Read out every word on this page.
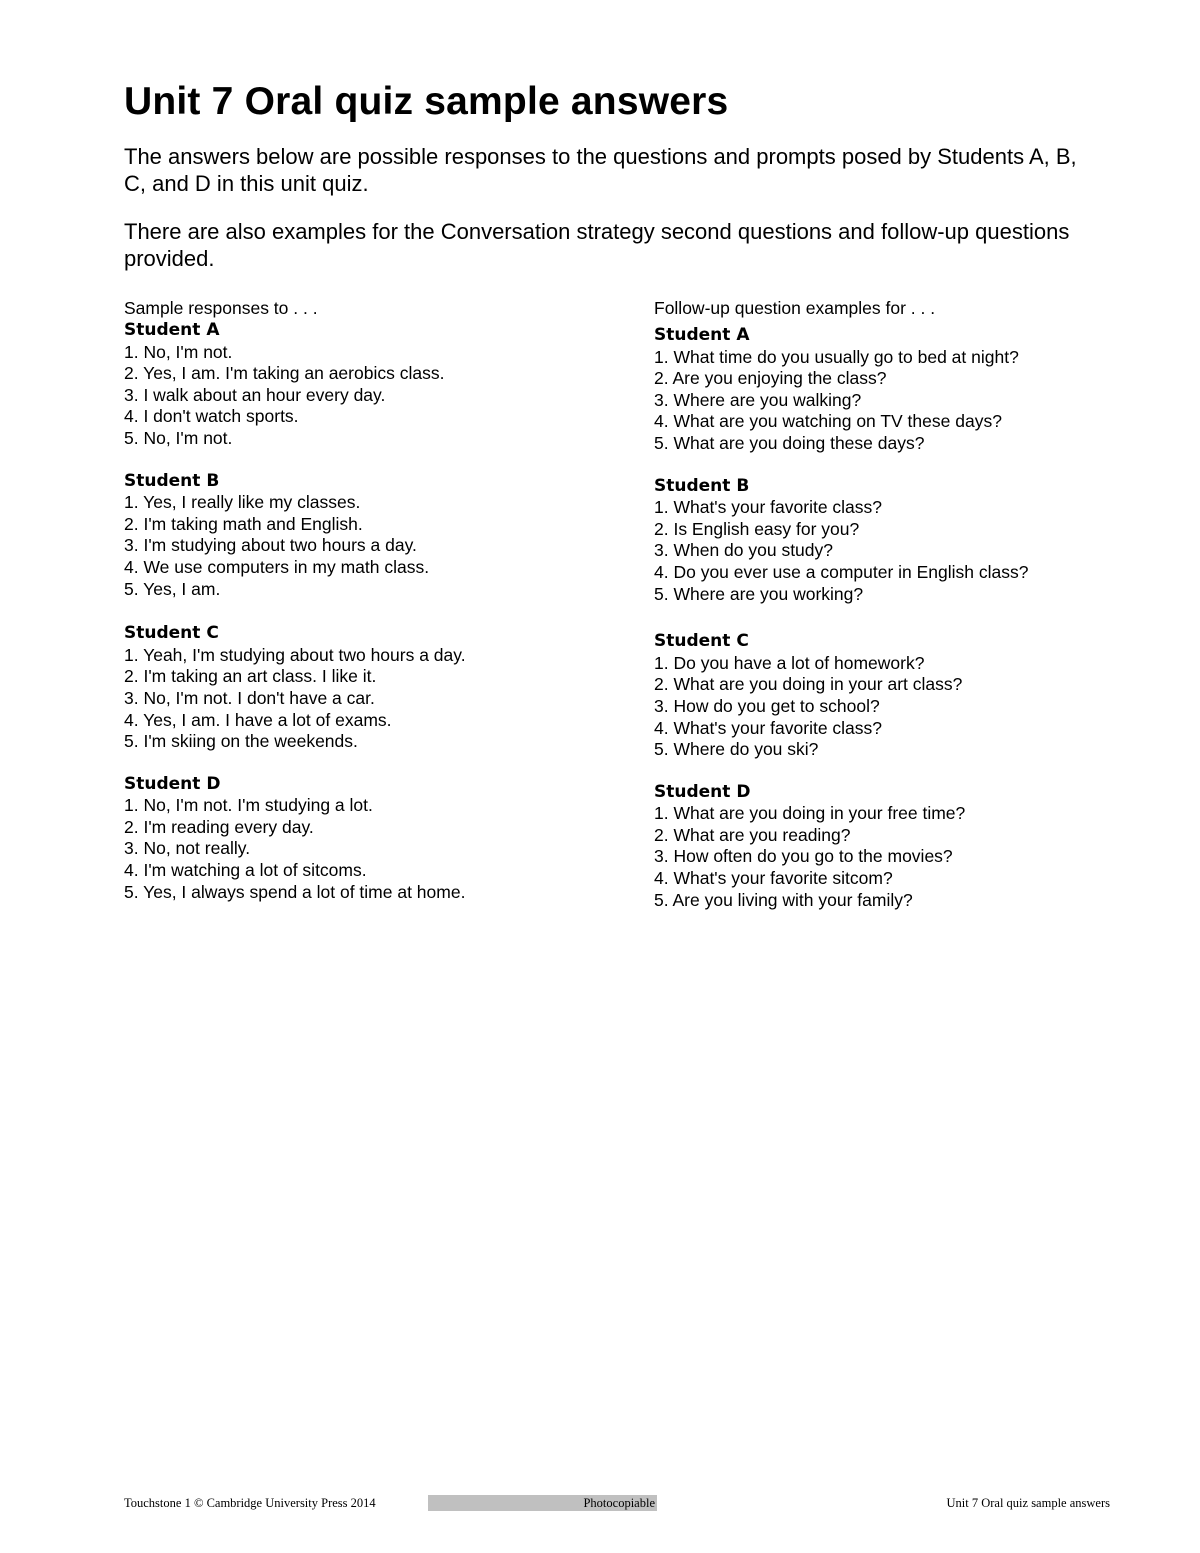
Unit 7 Oral quiz sample answers

The answers below are possible responses to the questions and prompts posed by Students A, B, C, and D in this unit quiz.

There are also examples for the Conversation strategy second questions and follow-up questions provided.

Sample responses to . . .
Student A
1. No, I'm not.
2. Yes, I am. I'm taking an aerobics class.
3. I walk about an hour every day.
4. I don't watch sports.
5. No, I'm not.
Student B
1. Yes, I really like my classes.
2. I'm taking math and English.
3. I'm studying about two hours a day.
4. We use computers in my math class.
5. Yes, I am.
Student C
1. Yeah, I'm studying about two hours a day.
2. I'm taking an art class. I like it.
3. No, I'm not. I don't have a car.
4. Yes, I am. I have a lot of exams.
5. I'm skiing on the weekends.
Student D
1. No, I'm not. I'm studying a lot.
2. I'm reading every day.
3. No, not really.
4. I'm watching a lot of sitcoms.
5. Yes, I always spend a lot of time at home.
Follow-up question examples for . . .
Student A
1. What time do you usually go to bed at night?
2. Are you enjoying the class?
3. Where are you walking?
4. What are you watching on TV these days?
5. What are you doing these days?
Student B
1. What's your favorite class?
2. Is English easy for you?
3. When do you study?
4. Do you ever use a computer in English class?
5. Where are you working?
Student C
1. Do you have a lot of homework?
2. What are you doing in your art class?
3. How do you get to school?
4. What's your favorite class?
5. Where do you ski?
Student D
1. What are you doing in your free time?
2. What are you reading?
3. How often do you go to the movies?
4. What's your favorite sitcom?
5. Are you living with your family?
Touchstone 1 © Cambridge University Press 2014	Photocopiable	Unit 7 Oral quiz sample answers
